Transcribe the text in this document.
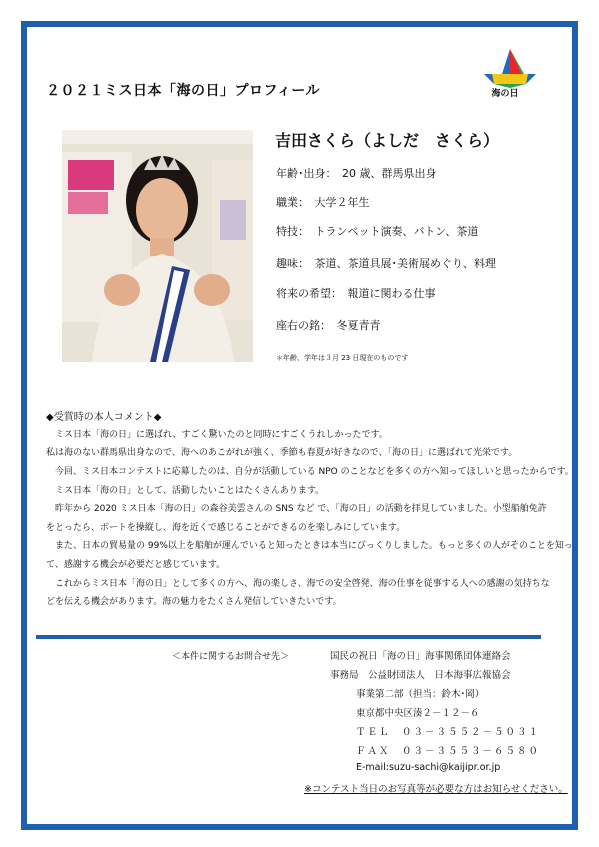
２０２１ミス日本「海の日」プロフィール	海の日
吉田さくら（よしだ　さくら）
年齢･出身：　20 歳、群馬県出身
職業：　大学２年生
特技：　トランペット演奏、バトン、茶道
趣味：　茶道、茶道具展･美術展めぐり、料理
将来の希望：　報道に関わる仕事
座右の銘：　冬夏青青
＊年齢、学年は３月 23 日現在のものです
◆受賞時の本人コメント◆
　ミス日本「海の日」に選ばれ、すごく驚いたのと同時にすごくうれしかったです。
私は海のない群馬県出身なので、海へのあこがれが強く、季節も春夏が好きなので、「海の日」に選ばれて光栄です。
　今回、ミス日本コンテストに応募したのは、自分が活動している NPO のことなどを多くの方へ知ってほしいと思ったからです。
　ミス日本「海の日」として、活動したいことはたくさんあります。
　昨年から 2020 ミス日本「海の日」の森谷美雲さんの SNS など で、「海の日」の活動を拝見していました。小型船舶免許
をとったら、ボートを操縦し、海を近くで感じることができるのを楽しみにしています。
　また、日本の貿易量の 99%以上を船舶が運んでいると知ったときは本当にびっくりしました。もっと多くの人がそのことを知っ
て、感謝する機会が必要だと感じています。
　これからミス日本「海の日」として多くの方へ、海の楽しさ、海での安全啓発、海の仕事を従事する人への感謝の気持ちな
どを伝える機会があります。海の魅力をたくさん発信していきたいです。
＜本件に関するお問合せ先＞	国民の祝日「海の日」海事関係団体連絡会
事務局　公益財団法人　日本海事広報協会
事業第二部（担当：鈴木･岡）
東京都中央区湊２－１２－６
ＴＥＬ　０３－３５５２－５０３１
ＦＡＸ　０３－３５５３－６５８０
E-mail:suzu-sachi@kaijipr.or.jp
※コンテスト当日のお写真等が必要な方はお知らせください。
